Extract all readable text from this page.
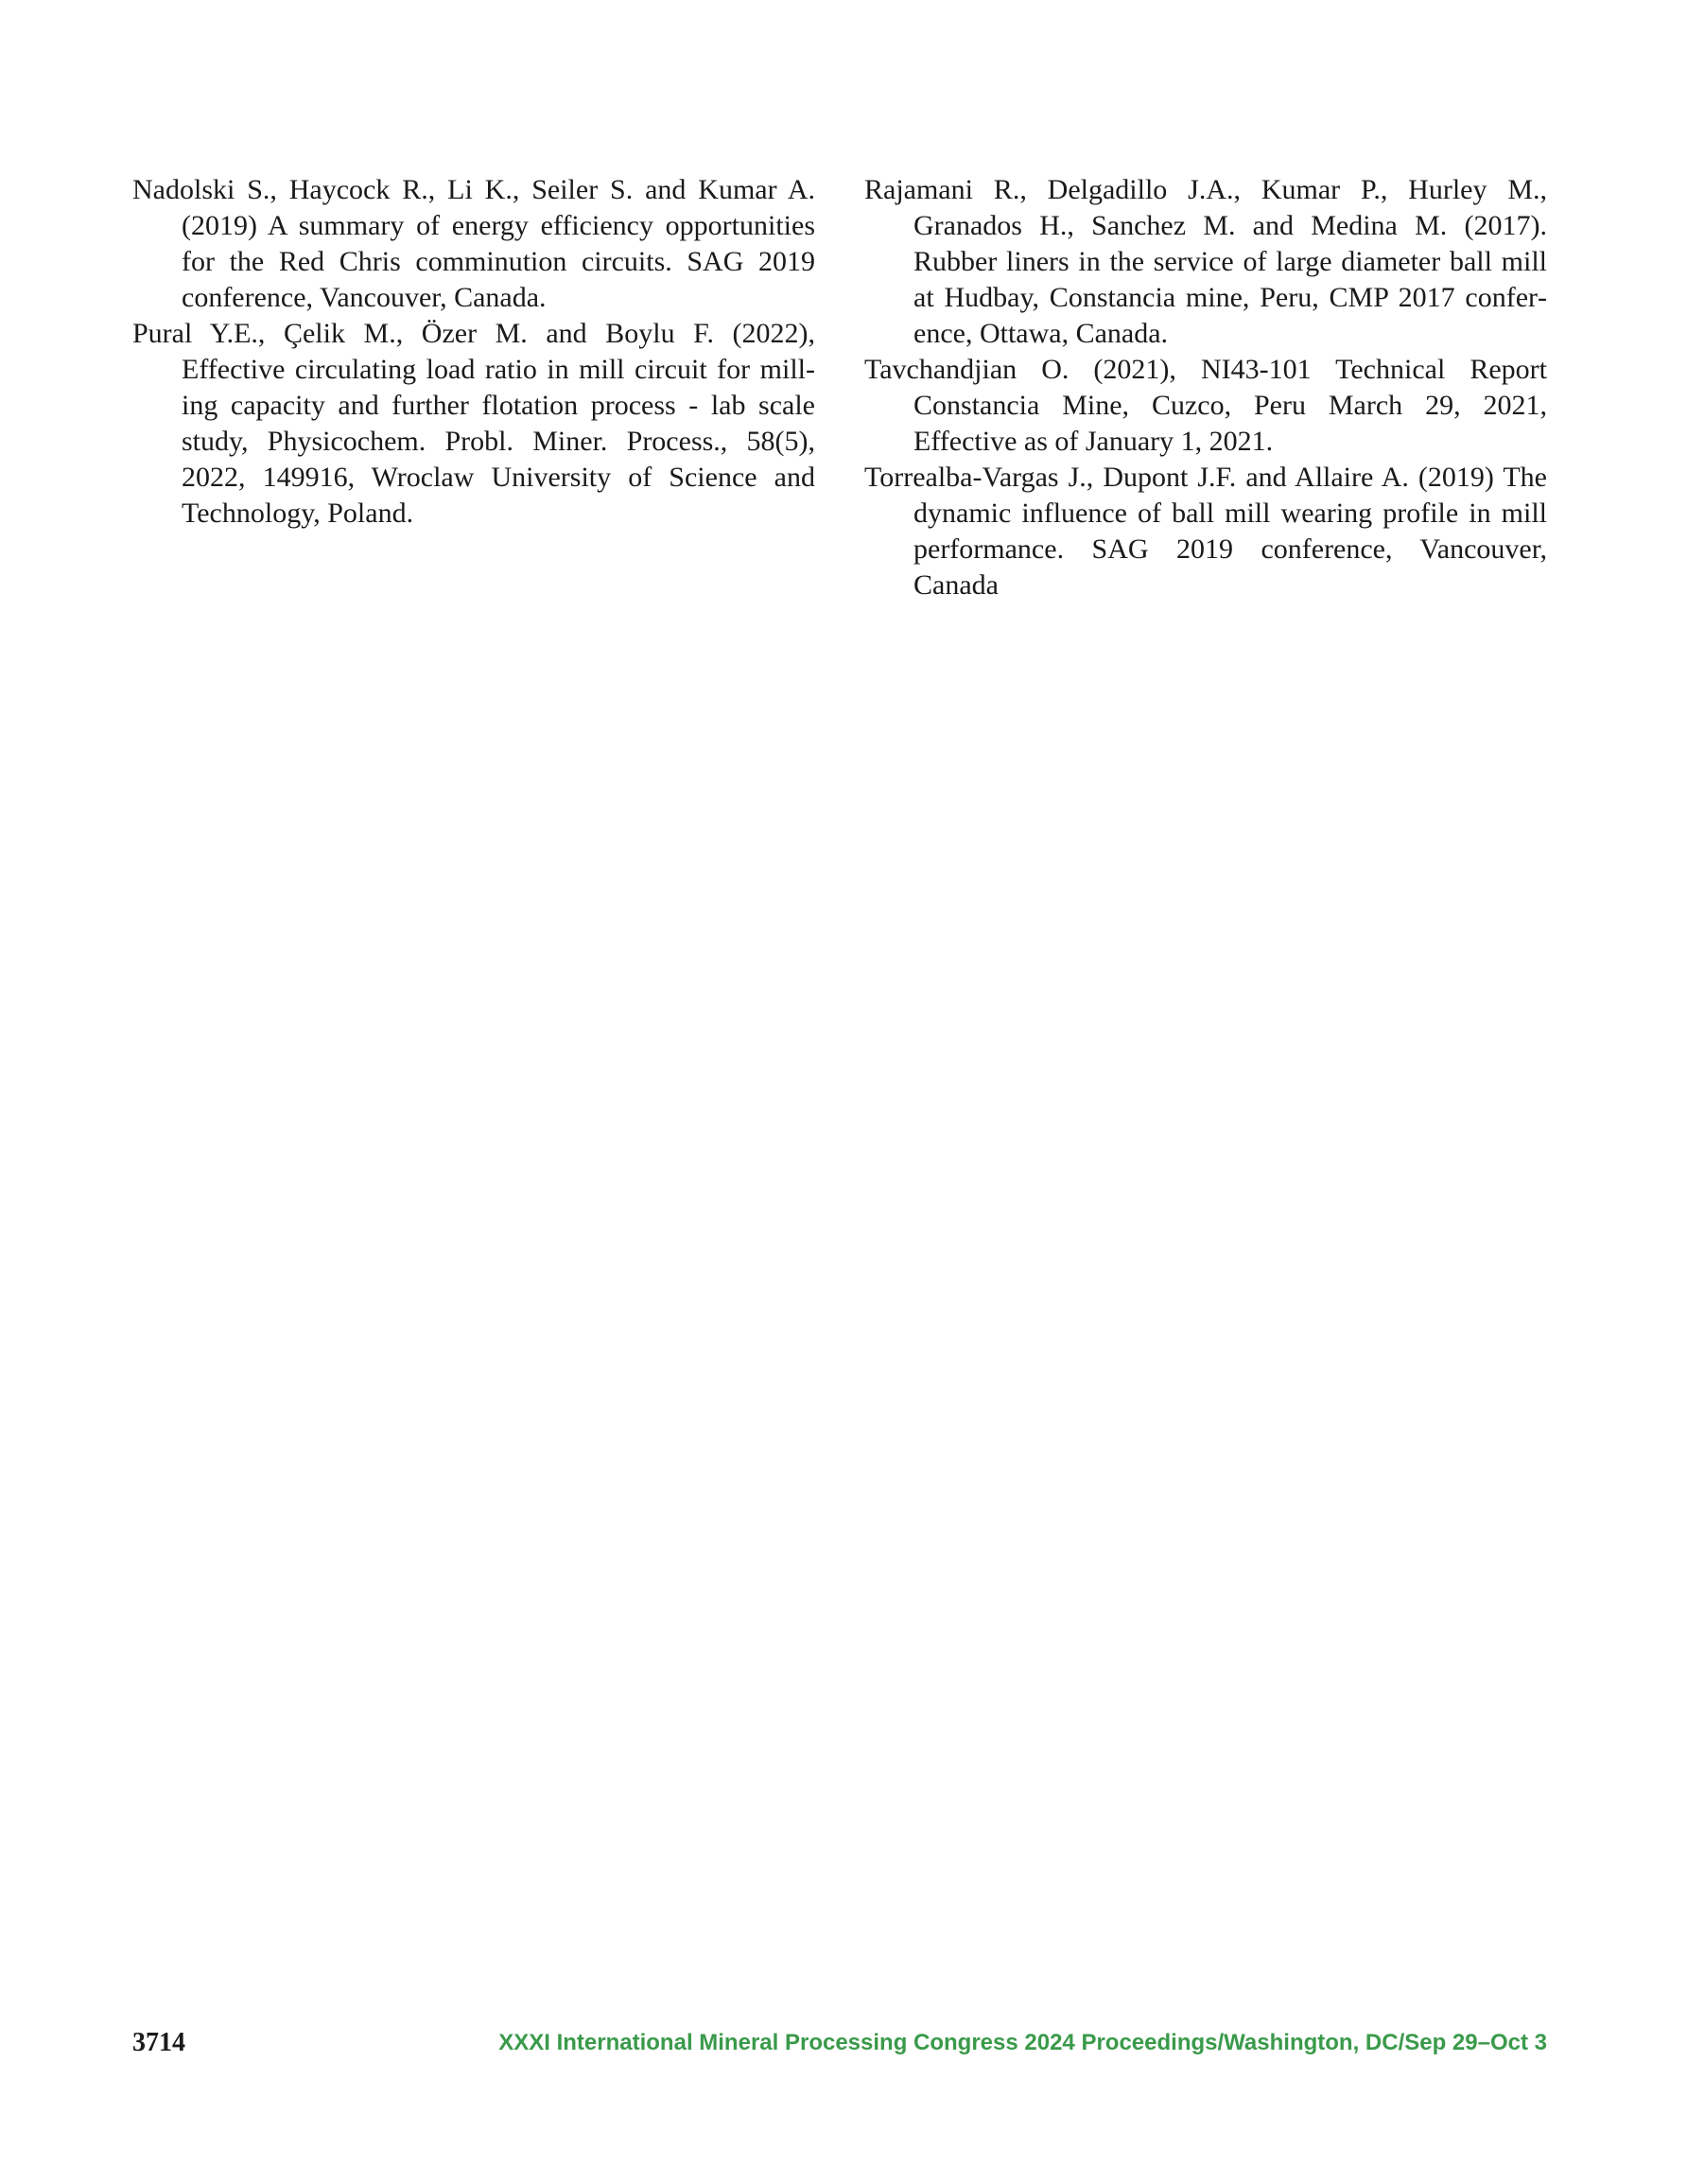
Nadolski S., Haycock R., Li K., Seiler S. and Kumar A. (2019) A summary of energy efficiency opportunities for the Red Chris comminution circuits. SAG 2019 conference, Vancouver, Canada.

Pural Y.E., Çelik M., Özer M. and Boylu F. (2022), Effective circulating load ratio in mill circuit for milling capacity and further flotation process - lab scale study, Physicochem. Probl. Miner. Process., 58(5), 2022, 149916, Wroclaw University of Science and Technology, Poland.

Rajamani R., Delgadillo J.A., Kumar P., Hurley M., Granados H., Sanchez M. and Medina M. (2017). Rubber liners in the service of large diameter ball mill at Hudbay, Constancia mine, Peru, CMP 2017 conference, Ottawa, Canada.

Tavchandjian O. (2021), NI43-101 Technical Report Constancia Mine, Cuzco, Peru March 29, 2021, Effective as of January 1, 2021.

Torrealba-Vargas J., Dupont J.F. and Allaire A. (2019) The dynamic influence of ball mill wearing profile in mill performance. SAG 2019 conference, Vancouver, Canada

3714	XXXI International Mineral Processing Congress 2024 Proceedings/Washington, DC/Sep 29–Oct 3
